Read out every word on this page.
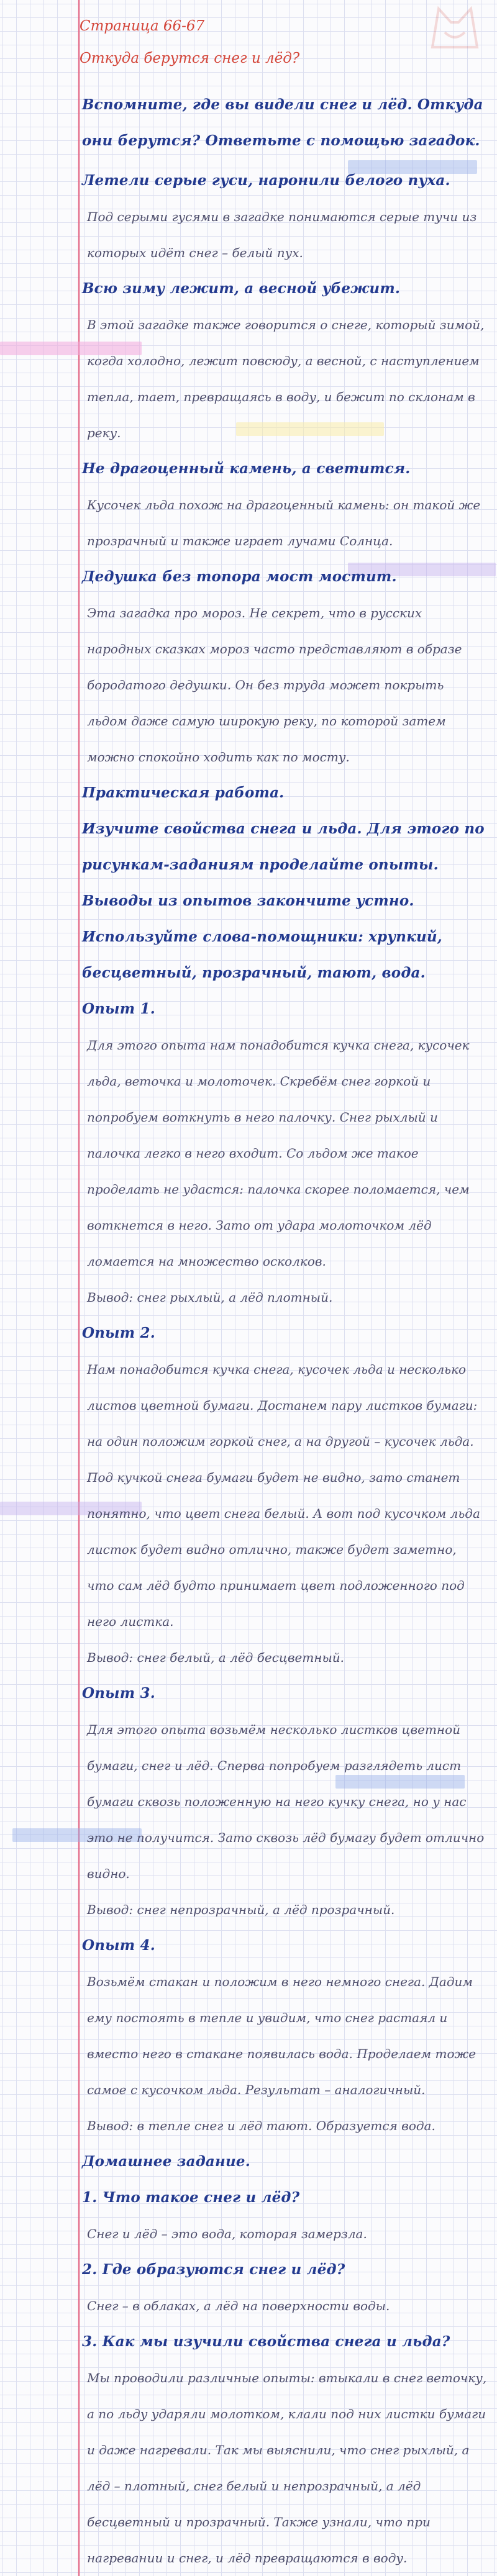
Страница 66-67

Откуда берутся снег и лёд?

Вспомните, где вы видели снег и лёд. Откуда они берутся? Ответьте с помощью загадок.

Летели серые гуси, наронили белого пуха.

Под серыми гусями в загадке понимаются серые тучи из которых идёт снег – белый пух.

Всю зиму лежит, а весной убежит.

В этой загадке также говорится о снеге, который зимой, когда холодно, лежит повсюду, а весной, с наступлением тепла, тает, превращаясь в воду, и бежит по склонам в реку.

Не драгоценный камень, а светится.

Кусочек льда похож на драгоценный камень: он такой же прозрачный и также играет лучами Солнца.

Дедушка без топора мост мостит.

Эта загадка про мороз. Не секрет, что в русских народных сказках мороз часто представляют в образе бородатого дедушки. Он без труда может покрыть льдом даже самую широкую реку, по которой затем можно спокойно ходить как по мосту.

Практическая работа.

Изучите свойства снега и льда. Для этого по рисункам-заданиям проделайте опыты. Выводы из опытов закончите устно. Используйте слова-помощники: хрупкий, бесцветный, прозрачный, тают, вода.

Опыт 1.

Для этого опыта нам понадобится кучка снега, кусочек льда, веточка и молоточек. Скребём снег горкой и попробуем воткнуть в него палочку. Снег рыхлый и палочка легко в него входит. Со льдом же такое проделать не удастся: палочка скорее поломается, чем воткнется в него. Зато от удара молоточком лёд ломается на множество осколков.

Вывод: снег рыхлый, а лёд плотный.

Опыт 2.

Нам понадобится кучка снега, кусочек льда и несколько листов цветной бумаги. Достанем пару листков бумаги: на один положим горкой снег, а на другой – кусочек льда. Под кучкой снега бумаги будет не видно, зато станет понятно, что цвет снега белый. А вот под кусочком льда листок будет видно отлично, также будет заметно, что сам лёд будто принимает цвет подложенного под него листка.

Вывод: снег белый, а лёд бесцветный.

Опыт 3.

Для этого опыта возьмём несколько листков цветной бумаги, снег и лёд. Сперва попробуем разглядеть лист бумаги сквозь положенную на него кучку снега, но у нас это не получится. Зато сквозь лёд бумагу будет отлично видно.

Вывод: снег непрозрачный, а лёд прозрачный.

Опыт 4.

Возьмём стакан и положим в него немного снега. Дадим ему постоять в тепле и увидим, что снег растаял и вместо него в стакане появилась вода. Проделаем тоже самое с кусочком льда. Результат – аналогичный.

Вывод: в тепле снег и лёд тают. Образуется вода.

Домашнее задание.

1. Что такое снег и лёд?

Снег и лёд – это вода, которая замерзла.

2. Где образуются снег и лёд?

Снег – в облаках, а лёд на поверхности воды.

3. Как мы изучили свойства снега и льда?

Мы проводили различные опыты: втыкали в снег веточку, а по льду ударяли молотком, клали под них листки бумаги и даже нагревали. Так мы выяснили, что снег рыхлый, а лёд – плотный, снег белый и непрозрачный, а лёд бесцветный и прозрачный. Также узнали, что при нагревании и снег, и лёд превращаются в воду.
